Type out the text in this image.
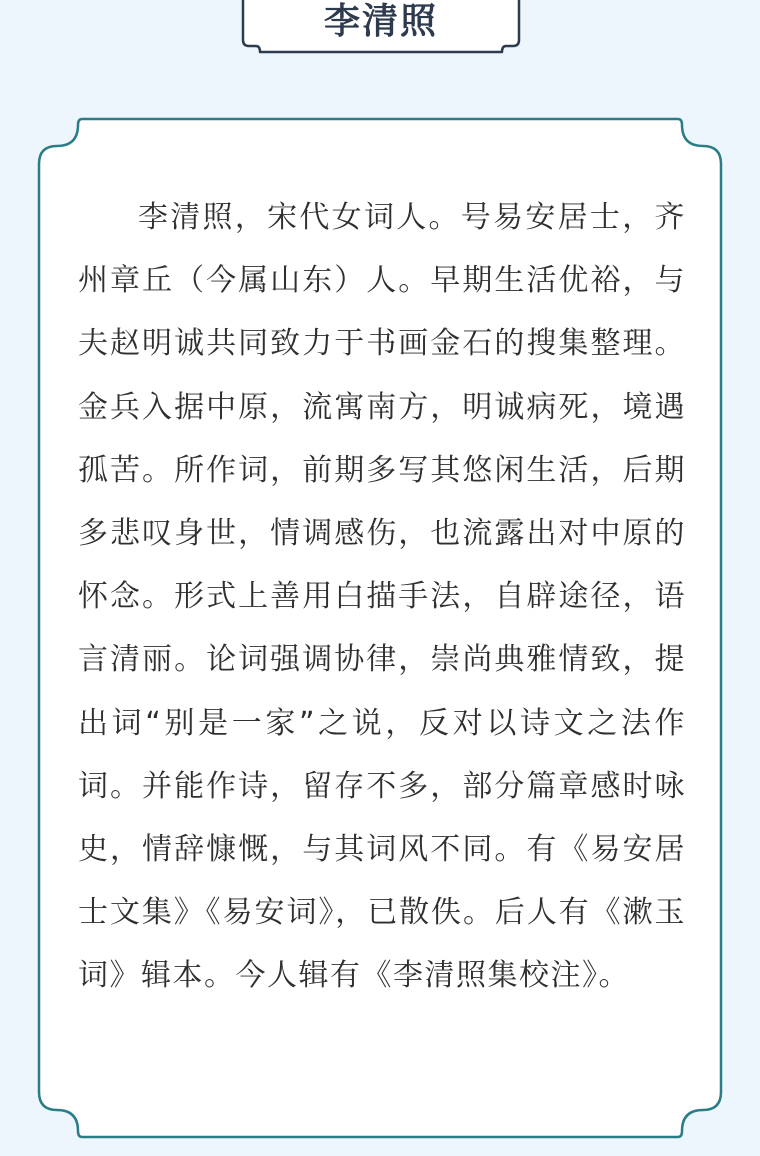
李清照

李清照，宋代女词人。号易安居士，齐州章丘（今属山东）人。早期生活优裕，与夫赵明诚共同致力于书画金石的搜集整理。金兵入据中原，流寓南方，明诚病死，境遇孤苦。所作词，前期多写其悠闲生活，后期多悲叹身世，情调感伤，也流露出对中原的怀念。形式上善用白描手法，自辟途径，语言清丽。论词强调协律，崇尚典雅情致，提出词“别是一家”之说，反对以诗文之法作词。并能作诗，留存不多，部分篇章感时咏史，情辞慷慨，与其词风不同。有《易安居士文集》《易安词》，已散佚。后人有《漱玉词》辑本。今人辑有《李清照集校注》。
